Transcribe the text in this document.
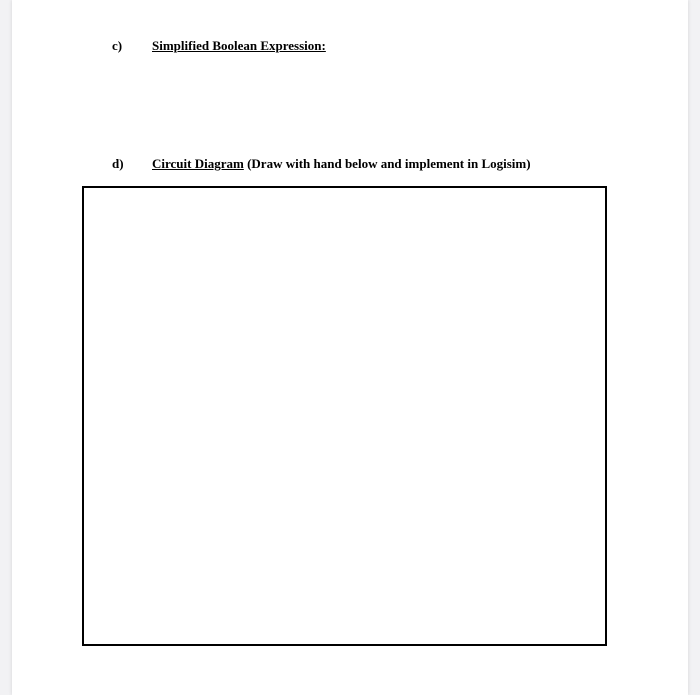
c) Simplified Boolean Expression:
d) Circuit Diagram (Draw with hand below and implement in Logisim)
